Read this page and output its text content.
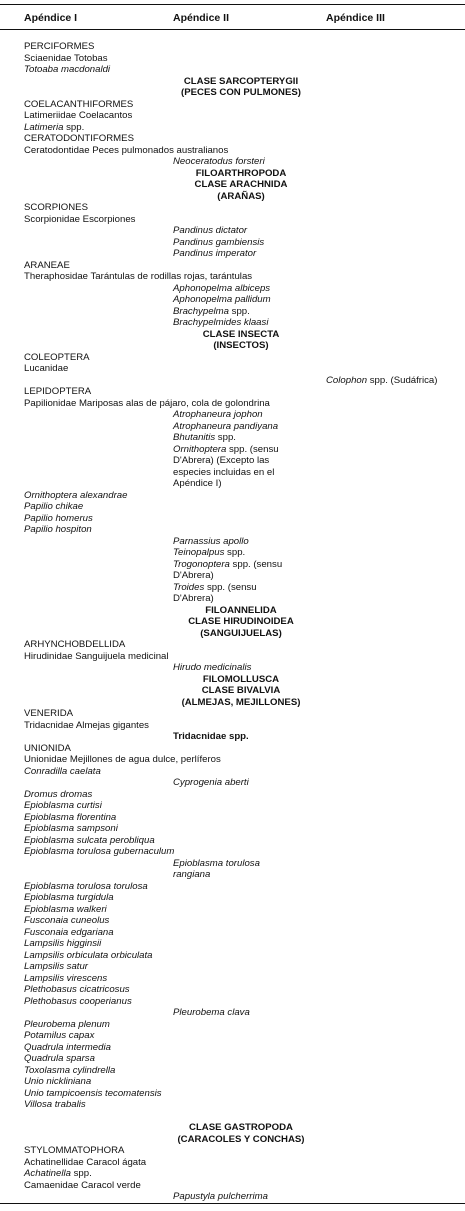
Apéndice I	Apéndice II	Apéndice III
PERCIFORMES
Sciaenidae Totobas
Totoaba macdonaldi
CLASE SARCOPTERYGII
(PECES CON PULMONES)
COELACANTHIFORMES
Latimeriidae Coelacantos
Latimeria spp.
CERATODONTIFORMES
Ceratodontidae Peces pulmonados australianos
Neoceratodus forsteri
FILOARTHROPODA
CLASE ARACHNIDA
(ARAÑAS)
SCORPIONES
Scorpionidae Escorpiones
Pandinus dictator
Pandinus gambiensis
Pandinus imperator
ARANEAE
Theraphosidae Tarántulas de rodillas rojas, tarántulas
Aphonopelma albiceps
Aphonopelma pallidum
Brachypelma spp.
Brachypelmides klaasi
CLASE INSECTA
(INSECTOS)
COLEOPTERA
Lucanidae
Colophon spp. (Sudáfrica)
LEPIDOPTERA
Papilionidae Mariposas alas de pájaro, cola de golondrina
Atrophaneura jophon
Atrophaneura pandiyana
Bhutanitis spp.
Ornithoptera spp. (sensu
D'Abrera) (Excepto las
especies incluidas en el
Apéndice I)
Ornithoptera alexandrae
Papilio chikae
Papilio homerus
Papilio hospiton
Parnassius apollo
Teinopalpus spp.
Trogonoptera spp. (sensu
D'Abrera)
Troides spp. (sensu
D'Abrera)
FILOANNELIDA
CLASE HIRUDINOIDEA
(SANGUIJUELAS)
ARHYNCHOBDELLIDA
Hirudinidae Sanguijuela medicinal
Hirudo medicinalis
FILOMOLLUSCA
CLASE BIVALVIA
(ALMEJAS, MEJILLONES)
VENERIDA
Tridacnidae Almejas gigantes
Tridacnidae spp.
UNIONIDA
Unionidae Mejillones de agua dulce, perlíferos
Conradilla caelata
Cyprogenia aberti
Dromus dromas
Epioblasma curtisi
Epioblasma florentina
Epioblasma sampsoni
Epioblasma sulcata perobliqua
Epioblasma torulosa gubernaculum
Epioblasma torulosa
rangiana
Epioblasma torulosa torulosa
Epioblasma turgidula
Epioblasma walkeri
Fusconaia cuneolus
Fusconaia edgariana
Lampsilis higginsii
Lampsilis orbiculata orbiculata
Lampsilis satur
Lampsilis virescens
Plethobasus cicatricosus
Plethobasus cooperianus
Pleurobema clava
Pleurobema plenum
Potamilus capax
Quadrula intermedia
Quadrula sparsa
Toxolasma cylindrella
Unio nickliniana
Unio tampicoensis tecomatensis
Villosa trabalis
CLASE GASTROPODA
(CARACOLES Y CONCHAS)
STYLOMMATOPHORA
Achatinellidae Caracol ágata
Achatinella spp.
Camaenidae Caracol verde
Papustyla pulcherrima
